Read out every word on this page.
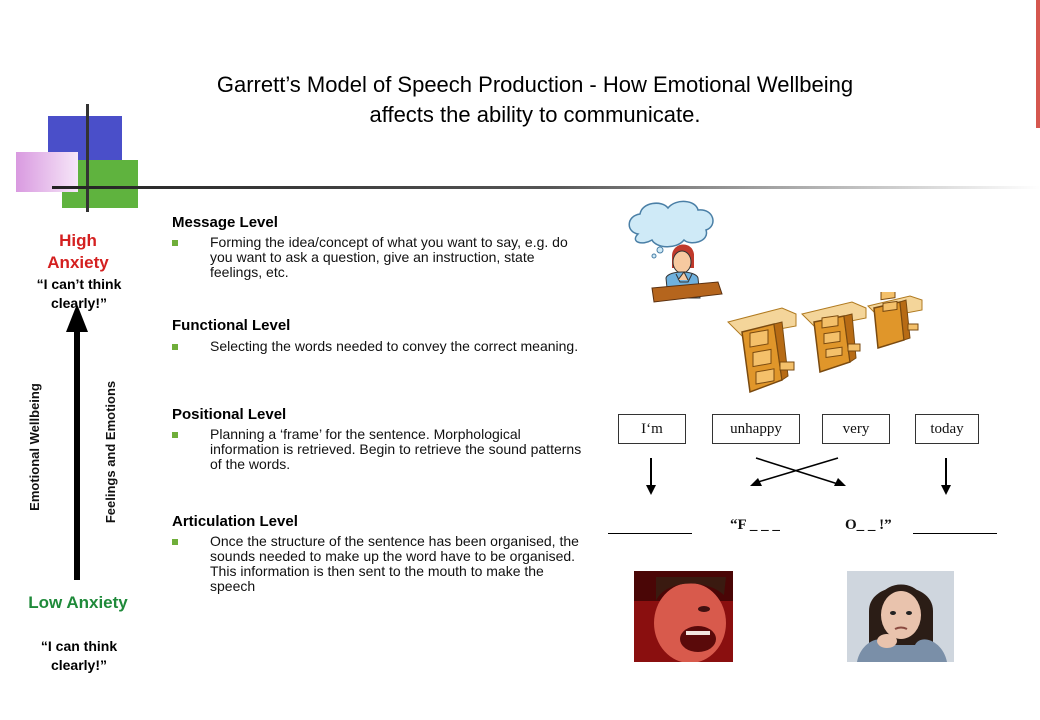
Garrett’s Model of Speech Production - How Emotional Wellbeing
affects the ability to communicate.
High Anxiety
“I can’t think clearly!”
Emotional Wellbeing	Feelings and Emotions
Low Anxiety
“I can think clearly!”
Message Level
Forming the idea/concept of what you want to say, e.g. do you want to ask a question, give an instruction, state feelings, etc.
Functional Level
Selecting the words needed to convey the correct meaning.
Positional Level
Planning a ‘frame’ for the sentence. Morphological information is retrieved. Begin to retrieve the sound patterns of the words.
Articulation Level
Once the structure of the sentence has been organised, the sounds needed to make up the word have to be organised. This information is then sent to the mouth to make the speech
I‘m	unhappy	very	today
“F _ _ _	O_ _ !”
